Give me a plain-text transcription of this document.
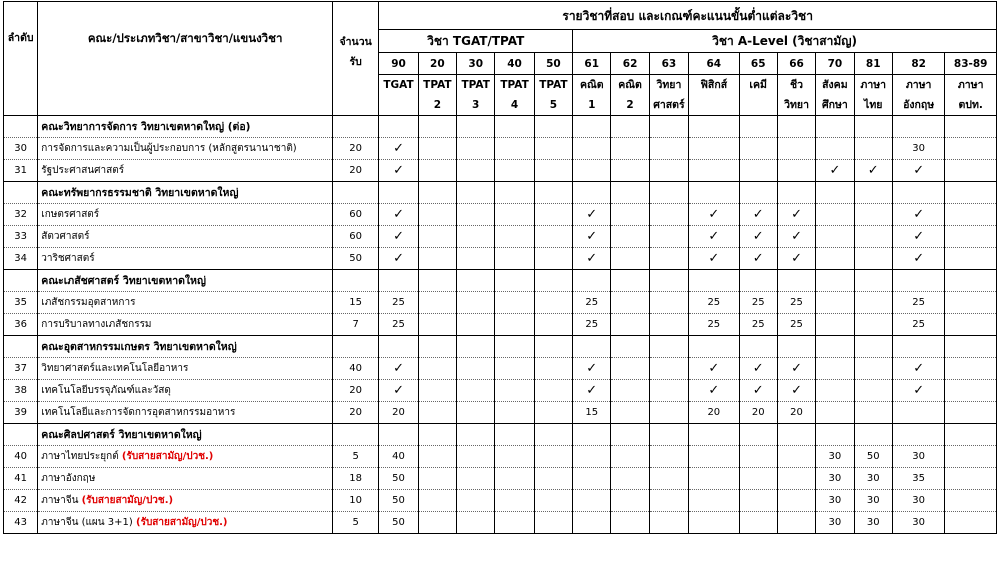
ลำดับ	คณะ/ประเภทวิชา/สาขาวิชา/แขนงวิชา	จำนวน
รับ	รายวิชาที่สอบ และเกณฑ์คะแนนขั้นต่ำแต่ละวิชา														
			วิชา TGAT/TPAT					วิชา A-Level (วิชาสามัญ)									
			90	20	30	40	50	61	62	63	64	65	66	70	81	82	83-89
			TGAT	TPAT	TPAT	TPAT	TPAT	คณิต	คณิต	วิทยา	ฟิสิกส์	เคมี	ชีว	สังคม	ภาษา	ภาษา	ภาษา
				2	3	4	5	1	2	ศาสตร์			วิทยา	ศึกษา	ไทย	อังกฤษ	ตปท.
	คณะวิทยาการจัดการ วิทยาเขตหาดใหญ่ (ต่อ)																
30	การจัดการและความเป็นผู้ประกอบการ (หลักสูตรนานาชาติ)	20	✓													30	
31	รัฐประศาสนศาสตร์	20	✓											✓	✓	✓	
	คณะทรัพยากรธรรมชาติ วิทยาเขตหาดใหญ่																
32	เกษตรศาสตร์	60	✓					✓			✓	✓	✓			✓	
33	สัตวศาสตร์	60	✓					✓			✓	✓	✓			✓	
34	วาริชศาสตร์	50	✓					✓			✓	✓	✓			✓	
	คณะเภสัชศาสตร์ วิทยาเขตหาดใหญ่																
35	เภสัชกรรมอุตสาหการ	15	25					25			25	25	25			25	
36	การบริบาลทางเภสัชกรรม	7	25					25			25	25	25			25	
	คณะอุตสาหกรรมเกษตร วิทยาเขตหาดใหญ่																
37	วิทยาศาสตร์และเทคโนโลยีอาหาร	40	✓					✓			✓	✓	✓			✓	
38	เทคโนโลยีบรรจุภัณฑ์และวัสดุ	20	✓					✓			✓	✓	✓			✓	
39	เทคโนโลยีและการจัดการอุตสาหกรรมอาหาร	20	20					15			20	20	20				
	คณะศิลปศาสตร์ วิทยาเขตหาดใหญ่																
40	ภาษาไทยประยุกต์ (รับสายสามัญ/ปวช.)	5	40											30	50	30	
41	ภาษาอังกฤษ	18	50											30	30	35	
42	ภาษาจีน (รับสายสามัญ/ปวช.)	10	50											30	30	30	
43	ภาษาจีน (แผน 3+1) (รับสายสามัญ/ปวช.)	5	50											30	30	30	
